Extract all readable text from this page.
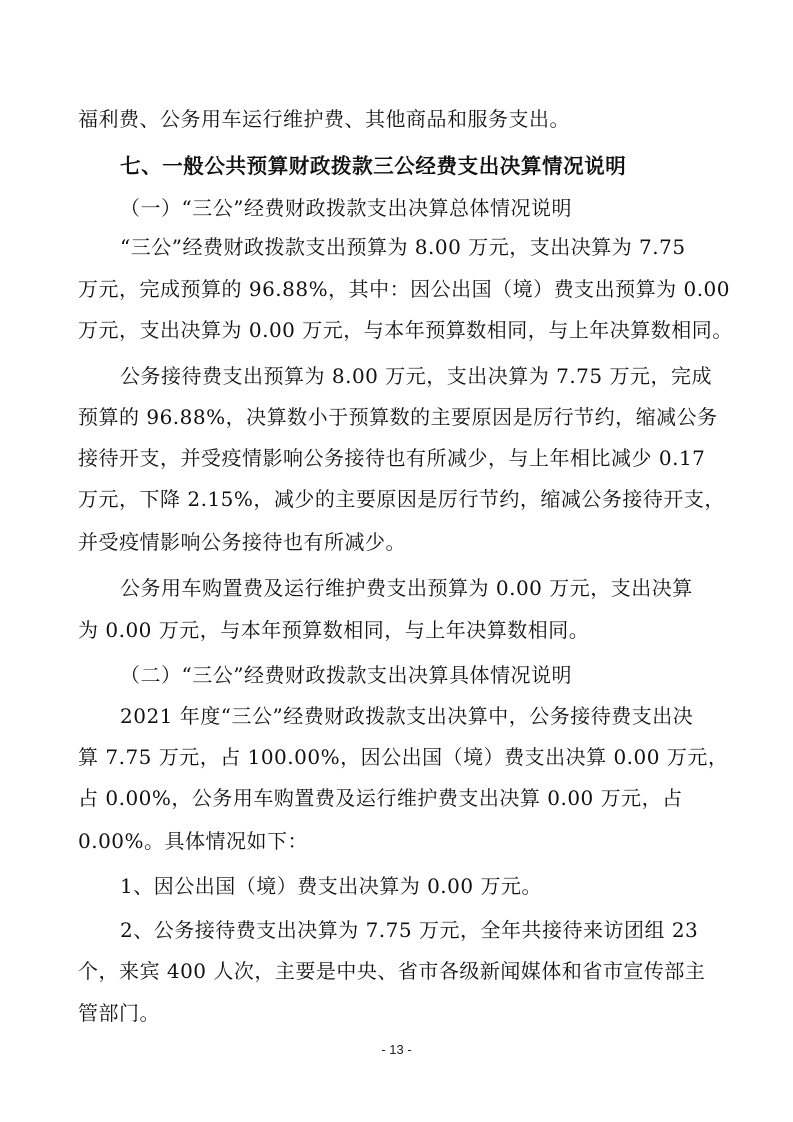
福利费、公务用车运行维护费、其他商品和服务支出。
七、一般公共预算财政拨款三公经费支出决算情况说明
（一）“三公”经费财政拨款支出决算总体情况说明
“三公”经费财政拨款支出预算为 8.00 万元，支出决算为 7.75
万元，完成预算的 96.88%，其中：因公出国（境）费支出预算为 0.00
万元，支出决算为 0.00 万元，与本年预算数相同，与上年决算数相同。
公务接待费支出预算为 8.00 万元，支出决算为 7.75 万元，完成
预算的 96.88%，决算数小于预算数的主要原因是厉行节约，缩减公务
接待开支，并受疫情影响公务接待也有所减少，与上年相比减少 0.17
万元，下降 2.15%，减少的主要原因是厉行节约，缩减公务接待开支，
并受疫情影响公务接待也有所减少。
公务用车购置费及运行维护费支出预算为 0.00 万元，支出决算
为 0.00 万元，与本年预算数相同，与上年决算数相同。
（二）“三公”经费财政拨款支出决算具体情况说明
2021 年度“三公”经费财政拨款支出决算中，公务接待费支出决
算 7.75 万元，占 100.00%，因公出国（境）费支出决算 0.00 万元，
占 0.00%，公务用车购置费及运行维护费支出决算 0.00 万元，占
0.00%。具体情况如下：
1、因公出国（境）费支出决算为 0.00 万元。
2、公务接待费支出决算为 7.75 万元，全年共接待来访团组 23
个，来宾 400 人次，主要是中央、省市各级新闻媒体和省市宣传部主
管部门。
- 13 -
